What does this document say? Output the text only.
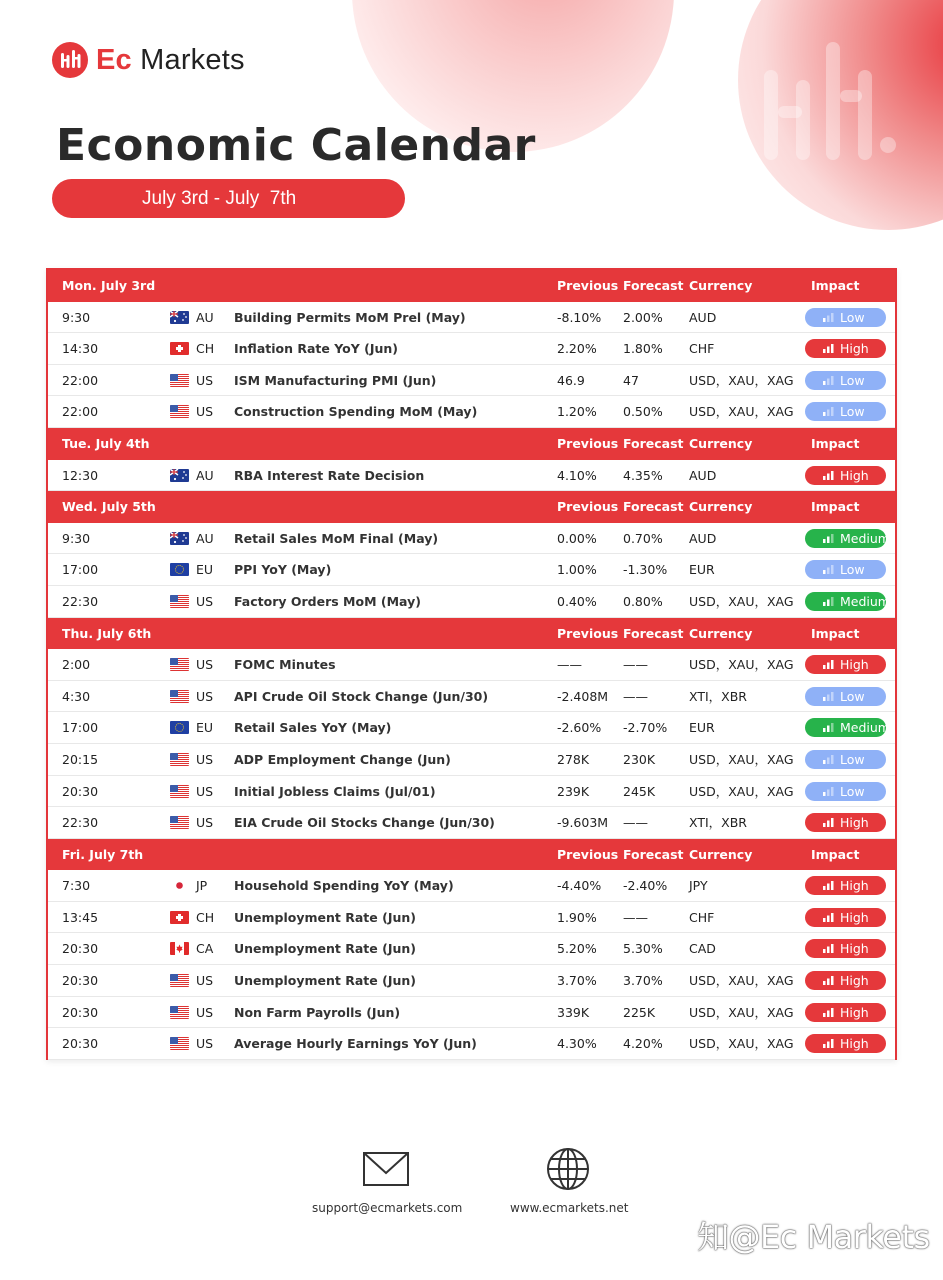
Ec Markets
Economic Calendar
July 3rd - July  7th
Mon. July 3rd	Previous Forecast Currency	Impact
9:30	AU Building Permits MoM Prel (May)	-8.10% 2.00% AUD	Low
14:30	CH Inflation Rate YoY (Jun)	2.20% 1.80% CHF	High
22:00	US ISM Manufacturing PMI (Jun)	46.9	47	USD，XAU，XAG	Low
22:00	US Construction Spending MoM (May)	1.20% 0.50% USD，XAU，XAG	Low
Tue. July 4th	Previous Forecast Currency	Impact
12:30	AU RBA Interest Rate Decision	4.10% 4.35% AUD	High
Wed. July 5th	Previous Forecast Currency	Impact
9:30	AU Retail Sales MoM Final (May)	0.00% 0.70% AUD	Medium
17:00	EU PPI YoY (May)	1.00% -1.30% EUR	Low
22:30	US Factory Orders MoM (May)	0.40% 0.80% USD，XAU，XAG	Medium
Thu. July 6th	Previous Forecast Currency	Impact
2:00	US FOMC Minutes	——	——	USD，XAU，XAG	High
4:30	US API Crude Oil Stock Change (Jun/30)	-2.408M ——	XTI，XBR	Low
17:00	EU Retail Sales YoY (May)	-2.60% -2.70% EUR	Medium
20:15	US ADP Employment Change (Jun)	278K	230K	USD，XAU，XAG	Low
20:30	US Initial Jobless Claims (Jul/01)	239K	245K	USD，XAU，XAG	Low
22:30	US EIA Crude Oil Stocks Change (Jun/30)	-9.603M ——	XTI，XBR	High
Fri. July 7th	Previous Forecast Currency	Impact
7:30	JP Household Spending YoY (May)	-4.40% -2.40% JPY	High
13:45	CH Unemployment Rate (Jun)	1.90% ——	CHF	High
20:30	CA Unemployment Rate (Jun)	5.20% 5.30% CAD	High
20:30	US Unemployment Rate (Jun)	3.70% 3.70% USD，XAU，XAG	High
20:30	US Non Farm Payrolls (Jun)	339K	225K	USD，XAU，XAG	High
20:30	US Average Hourly Earnings YoY (Jun)	4.30% 4.20% USD，XAU，XAG	High
support@ecmarkets.com	www.ecmarkets.net
知@Ec Markets
